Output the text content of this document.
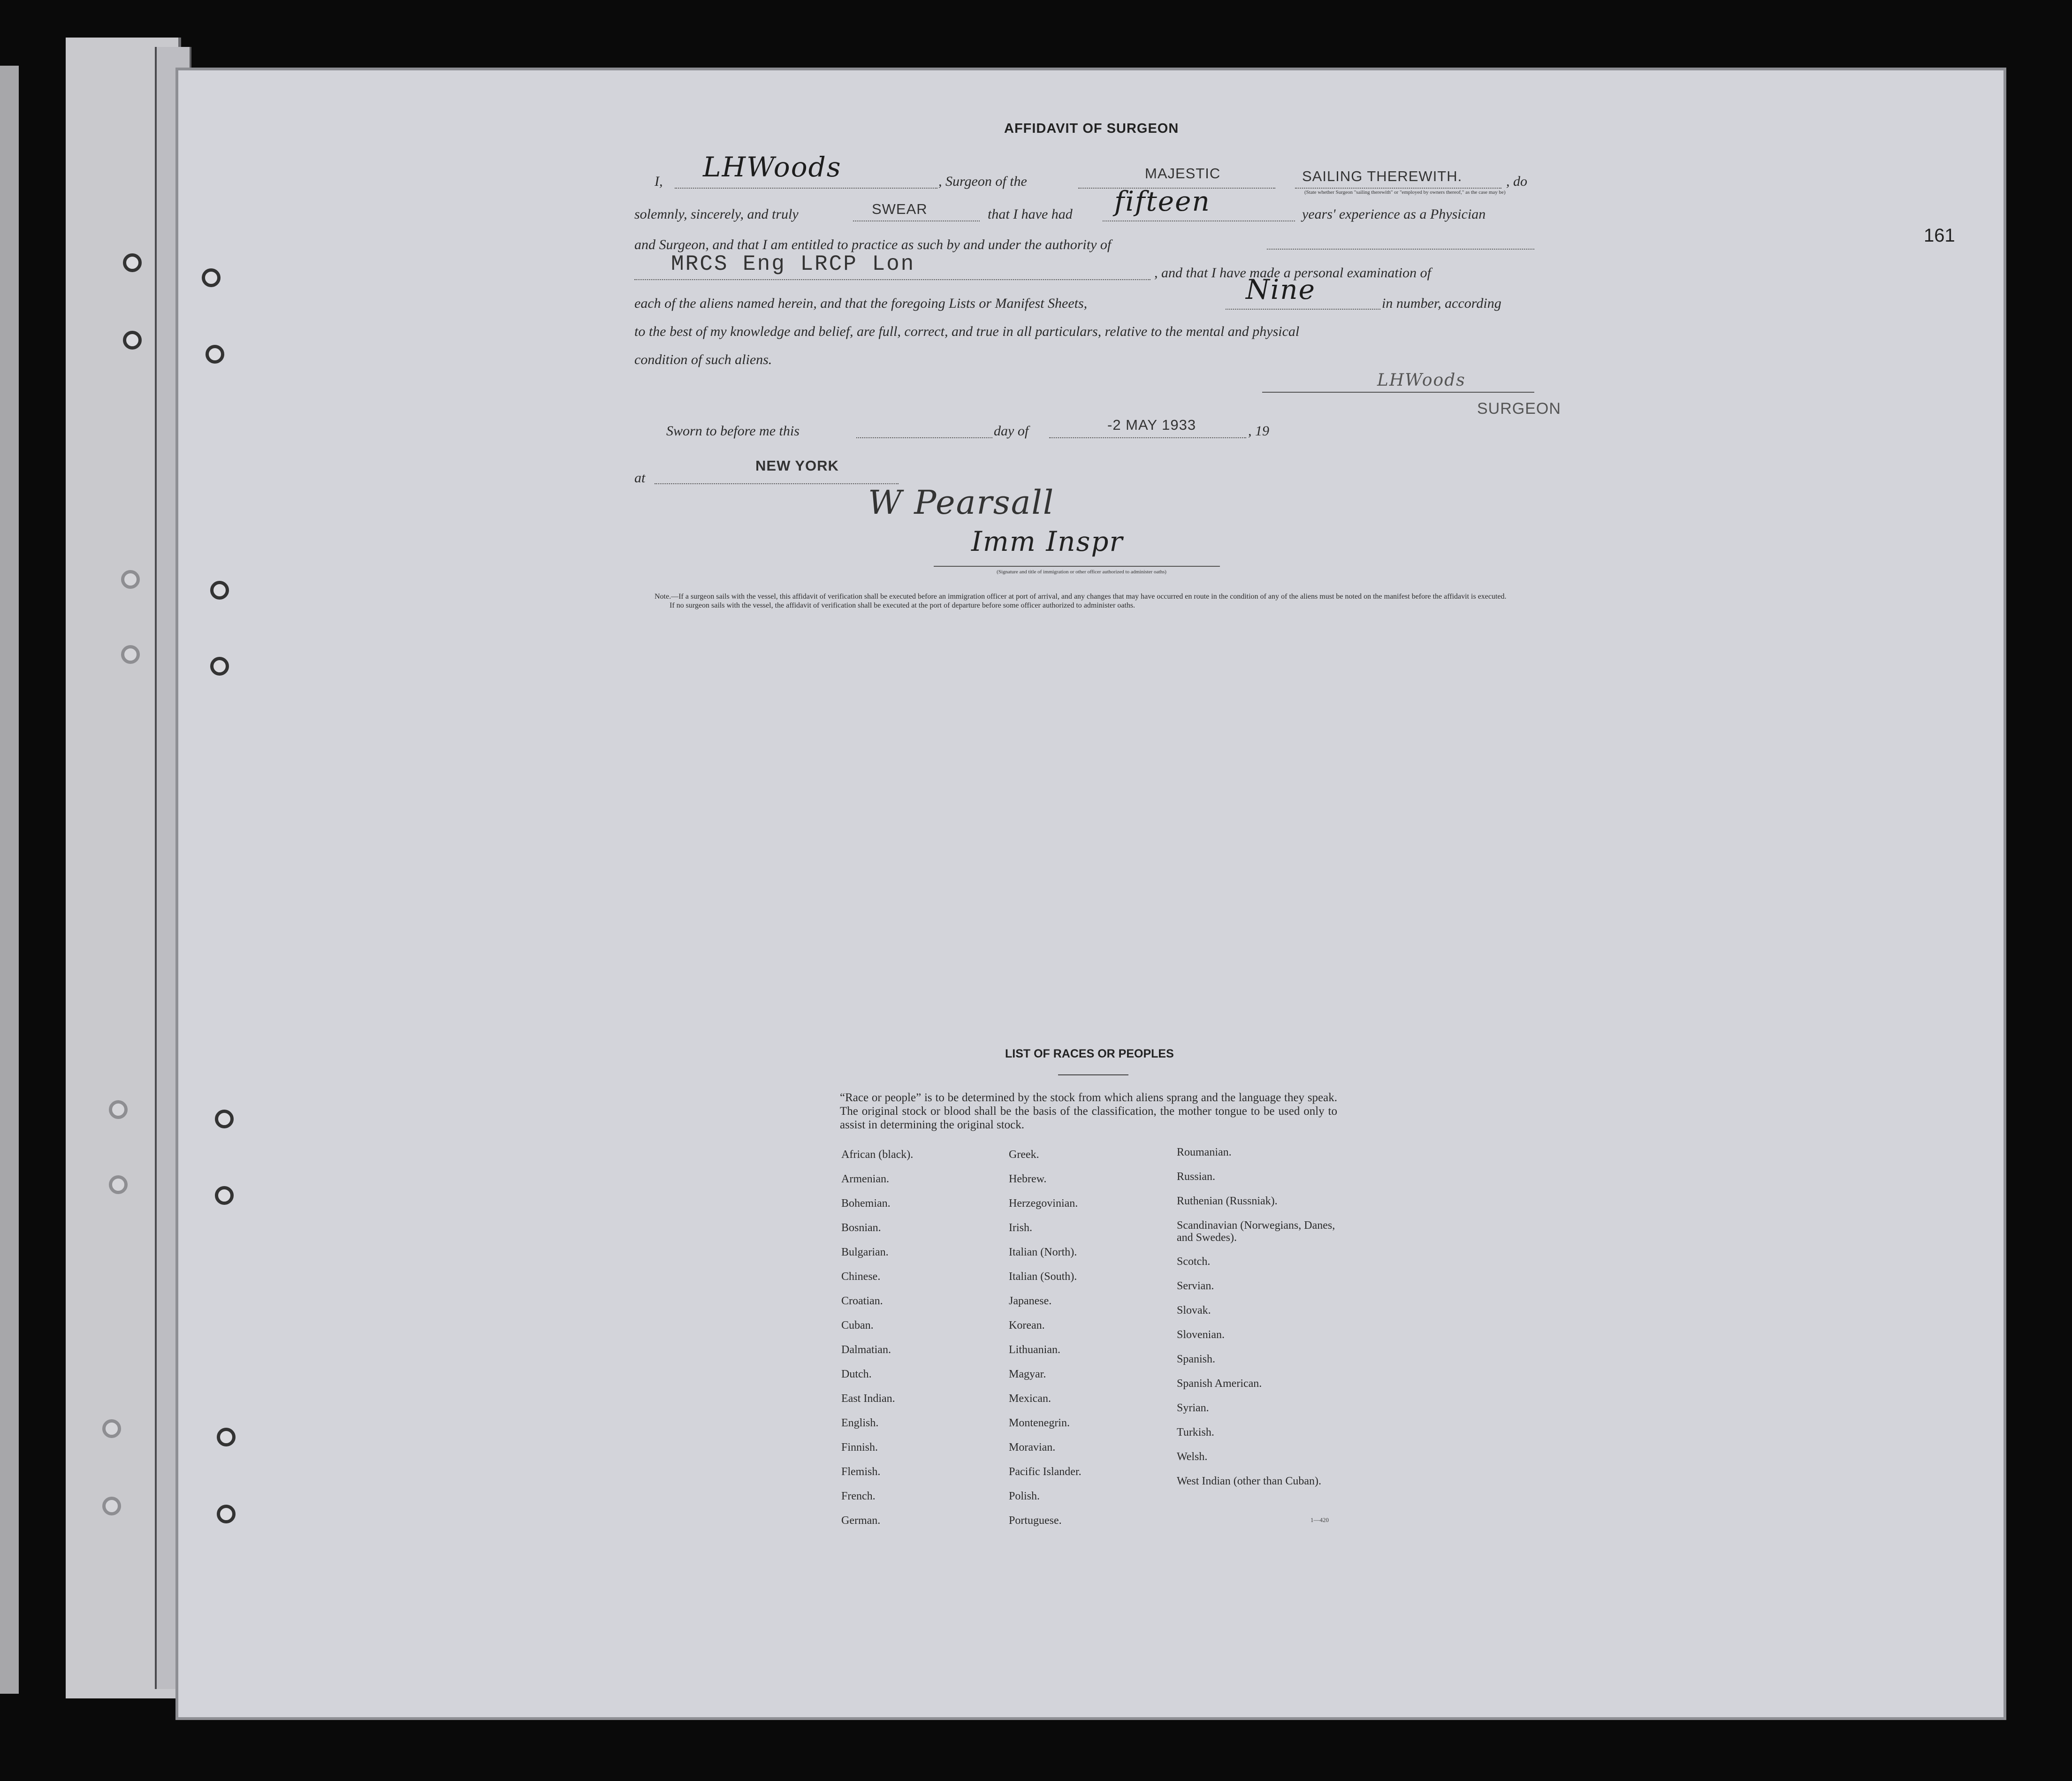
161
AFFIDAVIT OF SURGEON
I, LHWoods	, Surgeon of the	MAJESTIC	SAILING THEREWITH.	, do
(State whether Surgeon "sailing therewith" or "employed by owners thereof," as the case may be)
solemnly, sincerely, and truly	SWEAR	that I have had fifteen	years' experience as a Physician
and Surgeon, and that I am entitled to practice as such by and under the authority of
MRCS Eng LRCP Lon	, and that I have made a personal examination of
each of the aliens named herein, and that the foregoing Lists or Manifest Sheets,	Nine	in number, according
to the best of my knowledge and belief, are full, correct, and true in all particulars, relative to the mental and physical
condition of such aliens.
LHWoods
SURGEON
Sworn to before me this	day of	-2 MAY 1933	, 19
at
NEW YORK
W Pearsall
Imm Inspr
(Signature and title of immigration or other officer authorized to administer oaths)
Note.—If a surgeon sails with the vessel, this affidavit of verification shall be executed before an immigration officer at port of arrival, and any changes that may have occurred en route in the condition of any of the aliens must be noted on the manifest before the affidavit is executed.
If no surgeon sails with the vessel, the affidavit of verification shall be executed at the port of departure before some officer authorized to administer oaths.
LIST OF RACES OR PEOPLES
“Race or people” is to be determined by the stock from which aliens sprang and the language they speak. The original stock or blood shall be the basis of the classification, the mother tongue to be used only to assist in determining the original stock.
African (black).
Armenian.
Bohemian.
Bosnian.
Bulgarian.
Chinese.
Croatian.
Cuban.
Dalmatian.
Dutch.
East Indian.
English.
Finnish.
Flemish.
French.
German.
Greek.
Hebrew.
Herzegovinian.
Irish.
Italian (North).
Italian (South).
Japanese.
Korean.
Lithuanian.
Magyar.
Mexican.
Montenegrin.
Moravian.
Pacific Islander.
Polish.
Portuguese.
Roumanian.
Russian.
Ruthenian (Russniak).
Scandinavian (Norwegians, Danes, and Swedes).
Scotch.
Servian.
Slovak.
Slovenian.
Spanish.
Spanish American.
Syrian.
Turkish.
Welsh.
West Indian (other than Cuban).
1—420
